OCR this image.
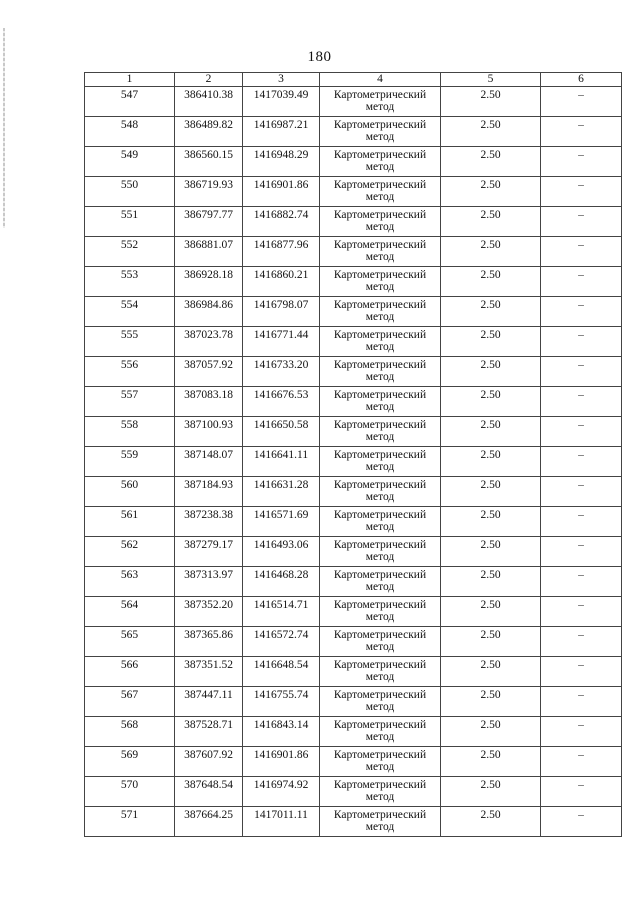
180
1	2	3	4	5	6

547	386410.38	1417039.49	Картометрический
метод	2.50	–

548	386489.82	1416987.21	Картометрический
метод	2.50	–

549	386560.15	1416948.29	Картометрический
метод	2.50	–

550	386719.93	1416901.86	Картометрический
метод	2.50	–

551	386797.77	1416882.74	Картометрический
метод	2.50	–

552	386881.07	1416877.96	Картометрический
метод	2.50	–

553	386928.18	1416860.21	Картометрический
метод	2.50	–

554	386984.86	1416798.07	Картометрический
метод	2.50	–

555	387023.78	1416771.44	Картометрический
метод	2.50	–

556	387057.92	1416733.20	Картометрический
метод	2.50	–

557	387083.18	1416676.53	Картометрический
метод	2.50	–

558	387100.93	1416650.58	Картометрический
метод	2.50	–

559	387148.07	1416641.11	Картометрический
метод	2.50	–

560	387184.93	1416631.28	Картометрический
метод	2.50	–

561	387238.38	1416571.69	Картометрический
метод	2.50	–

562	387279.17	1416493.06	Картометрический
метод	2.50	–

563	387313.97	1416468.28	Картометрический
метод	2.50	–

564	387352.20	1416514.71	Картометрический
метод	2.50	–

565	387365.86	1416572.74	Картометрический
метод	2.50	–

566	387351.52	1416648.54	Картометрический
метод	2.50	–

567	387447.11	1416755.74	Картометрический
метод	2.50	–

568	387528.71	1416843.14	Картометрический
метод	2.50	–

569	387607.92	1416901.86	Картометрический
метод	2.50	–

570	387648.54	1416974.92	Картометрический
метод	2.50	–

571	387664.25	1417011.11	Картометрический
метод	2.50	–
